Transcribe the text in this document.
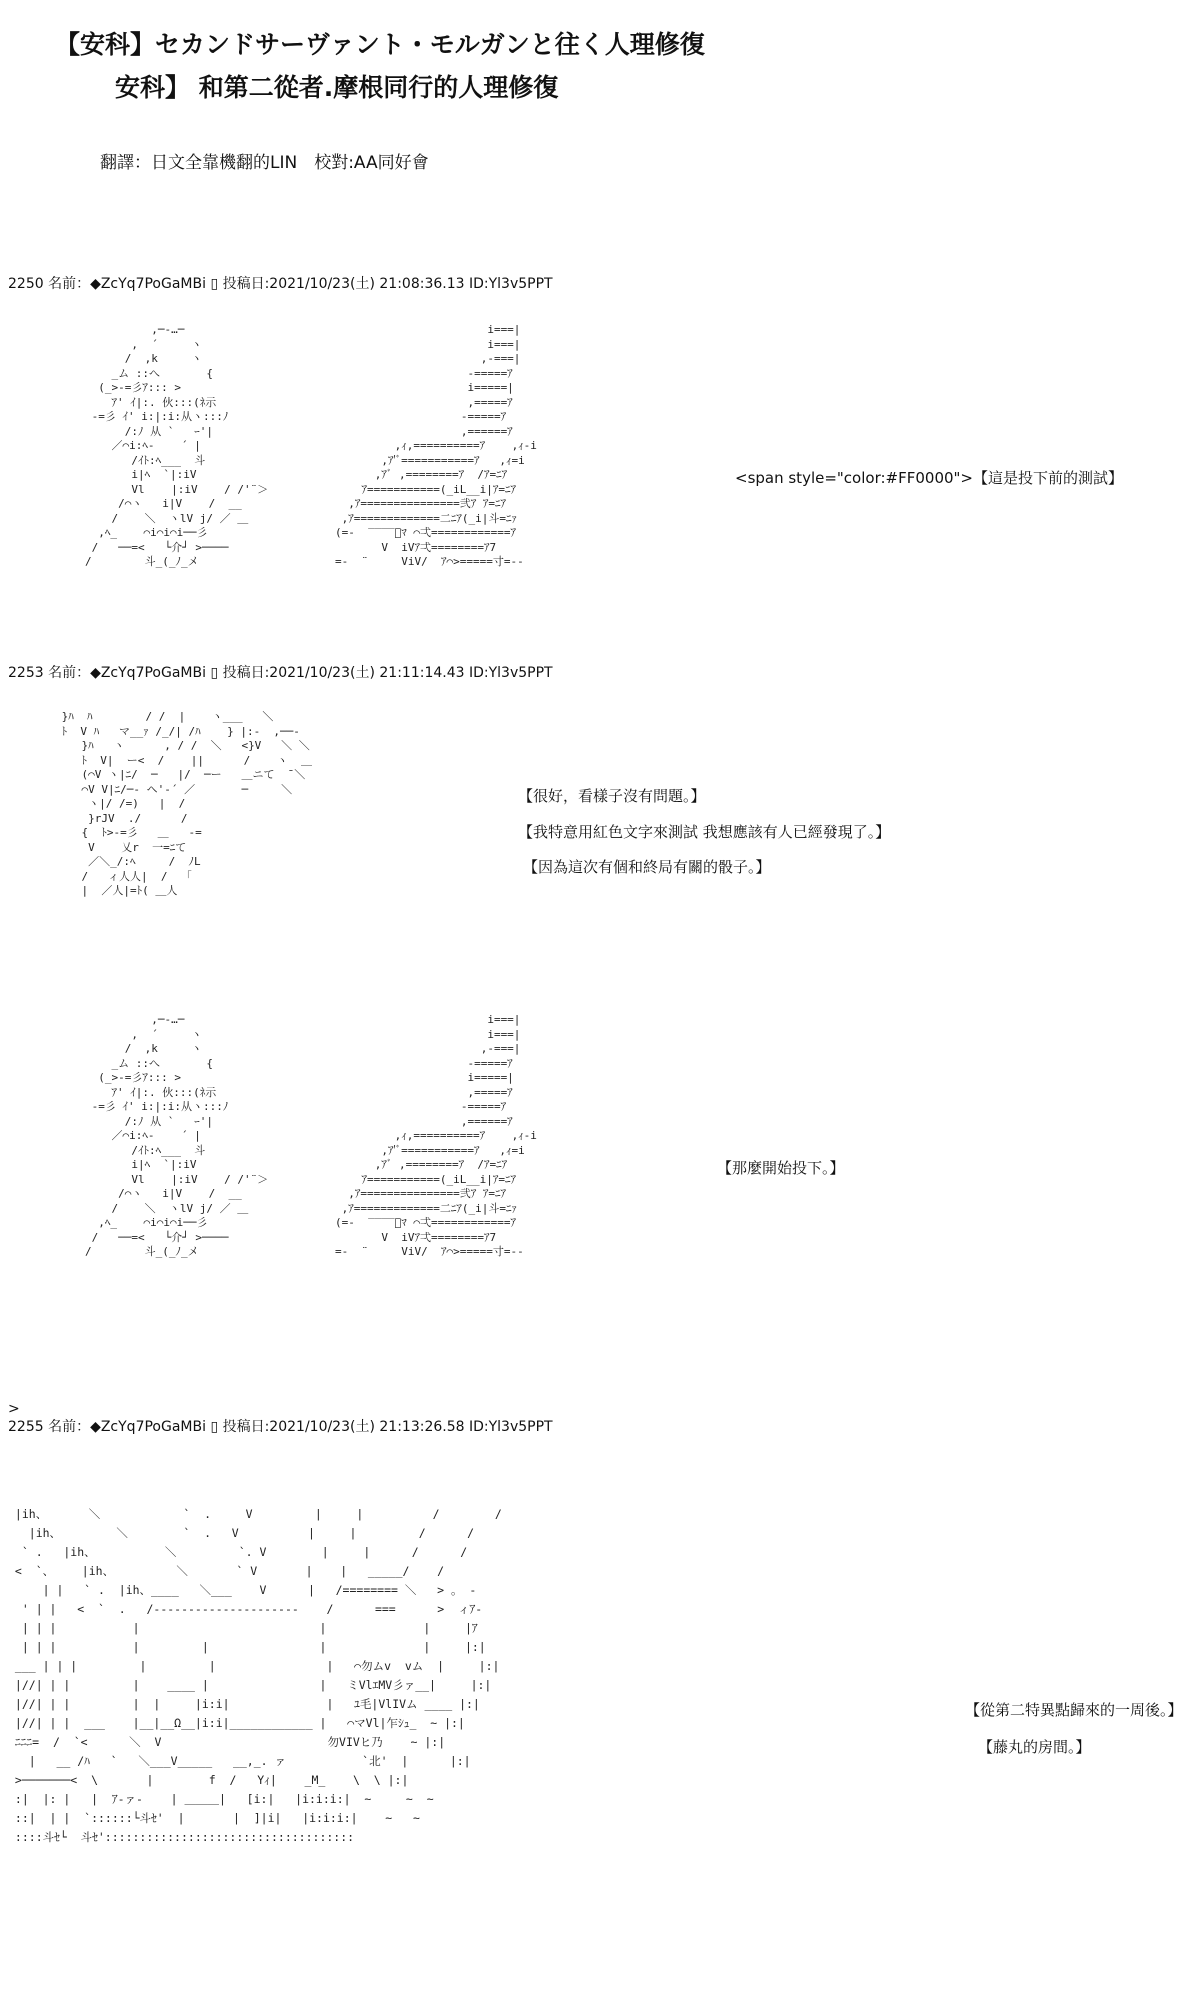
【安科】セカンドサーヴァント・モルガンと往く人理修復
安科】 和第二從者.摩根同行的人理修復
翻譯：日文全靠機翻的LIN　校對:AA同好會
2250 名前：◆ZcYq7PoGaMBi ▯ 投稿日:2021/10/23(土) 21:08:36.13 ID:Yl3v5PPT
,─‐…─
,  ´     ヽ
/  ,k     ヽ
_ム ::へ       {
(_>-=彡ｱ::: >
ｱ' ｲ|:. 伙:::(ﾈ示
-=彡 ｲ' i:|:i:从ヽ:::ﾉ
/:ﾉ 从 `   ｰ'|
／⌒i:ﾍ-    ´ |
/ｲﾄ:ﾍ___  斗
i|ﾍ  `|:iV
Vl    |:iV    / /'¨＞
/⌒ヽ   i|V    /  __
/    ＼  ヽlV j/ ／ ＿
,ﾍ_    ⌒i⌒i⌒i──彡
/   ──=<   └介┘ >────
/        斗_(_ﾉ_メ
i===|
i===|
,-===|
-=====ｱ
i=====|
,=====ｱ
-=====ｱ
,======ｱ
,ｨ,==========ｱ    ,ｨ-i
,ｱ'ﾞ===========ｱ   ,ｨ=i
,ｱﾞ ,========ｱ  /ｱ=ﾆｱ
ｱ===========(_iL__i|ｱ=ﾆｱ
,ｱ===============弐ｱ ｱ=ﾆｱ
,ｱ=============二ﾆｱ(_i|斗=ﾆｧ
(=-  ‾‾‾‾ﾞﾏ ⌒弌============ｱ
V  iVｱ弌========ｱ7
=-  ¨     ViV/  ｱ⌒>=====寸=--
<span style="color:#FF0000">【這是投下前的測試】
2253 名前：◆ZcYq7PoGaMBi ▯ 投稿日:2021/10/23(土) 21:11:14.43 ID:Yl3v5PPT
}ﾊ  ﾊ        / /  |    ヽ___   ＼
ﾄ  V ﾊ   マ__ｧ /_/| /ﾊ    } |:-  ,──‐
}ﾊ   ヽ      , / /  ＼   <}V   ＼ ＼
ﾄ  V|  ー<  /    ||      /    ヽ  ＿
(⌒V ヽ|ﾆ/  ─   |/  ─ー   ＿ニて  ̄ ＼
⌒V V|ﾆ/─‐ ヘ'-´ ／       ─     ＼
ヽ|/ /=)   |  /
}rJV  ./      /
{  ﾄ>-=彡   ＿   -=
V    乂r  一=ﾆて
／＼_/:ﾍ     /  ﾉL
/   ィ人人|  /  「
|  ／人|=ﾄ( ＿人
【很好，看樣子沒有問題。】
【我特意用紅色文字來測試 我想應該有人已經發現了。】
【因為這次有個和終局有關的骰子。】
,─‐…─
,  ´     ヽ
/  ,k     ヽ
_ム ::へ       {
(_>-=彡ｱ::: >
ｱ' ｲ|:. 伙:::(ﾈ示
-=彡 ｲ' i:|:i:从ヽ:::ﾉ
/:ﾉ 从 `   ｰ'|
／⌒i:ﾍ-    ´ |
/ｲﾄ:ﾍ___  斗
i|ﾍ  `|:iV
Vl    |:iV    / /'¨＞
/⌒ヽ   i|V    /  __
/    ＼  ヽlV j/ ／ ＿
,ﾍ_    ⌒i⌒i⌒i──彡
/   ──=<   └介┘ >────
/        斗_(_ﾉ_メ
i===|
i===|
,-===|
-=====ｱ
i=====|
,=====ｱ
-=====ｱ
,======ｱ
,ｨ,==========ｱ    ,ｨ-i
,ｱ'ﾞ===========ｱ   ,ｨ=i
,ｱﾞ ,========ｱ  /ｱ=ﾆｱ
ｱ===========(_iL__i|ｱ=ﾆｱ
,ｱ===============弐ｱ ｱ=ﾆｱ
,ｱ=============二ﾆｱ(_i|斗=ﾆｧ
(=-  ‾‾‾‾ﾞﾏ ⌒弌============ｱ
V  iVｱ弌========ｱ7
=-  ¨     ViV/  ｱ⌒>=====寸=--
【那麼開始投下。】
>
2255 名前：◆ZcYq7PoGaMBi ▯ 投稿日:2021/10/23(土) 21:13:26.58 ID:Yl3v5PPT
|ih、      ＼            `  .     V         |     |          /        /
|ih、        ＼        `  .   V          |     |         /      /
` .   |ih、          ＼         `. V        |     |      /      /
<  `、    |ih、         ＼       ` V       |    |   _____/    /
| |   ` .  |ih、____   ＼___    V      |   /======== ＼   > 。 ‐
' | |   <  `  .   /---------------------    /      ===      >  ィｱ-
| | |           |                          |              |     |ｱ
| | |           |         |                |              |     |:|
___ | | |         |         |                |   ⌒勿ムv  vム  |     |:|
|//| | |         |    ____ |                |   ミVlｴMV彡ァ__|     |:|
|//| | |         |  |     |i:i|              |   ﾕ毛|VlIVム ____ |:|
|//| | |  ___    |__|__Ω__|i:i|____________ |   ⌒マVl|乍ｼｭ_  ~ |:|
ﾆﾆﾆ=  /  `<      ＼  V                        勿VIVヒ乃    ~ |:|
|   __ /ﾊ   `   ＼___V_____   __,_. ァ           `北'  |      |:|
>───────<  \       |        f  /   Yｨ|    _M_    \  \ |:|
:|  |: |   |  ｱ‐ァ‐    | ＿＿＿|   [i:|   |i:i:i:|  ~     ~  ~
::|  | |  `::::::└斗ｾ'  |       |  ]|i|   |i:i:i:|    ~   ~
::::斗ｾ└  斗ｾ'::::::::::::::::::::::::::::::::::::
【從第二特異點歸來的一周後。】
【藤丸的房間。】
